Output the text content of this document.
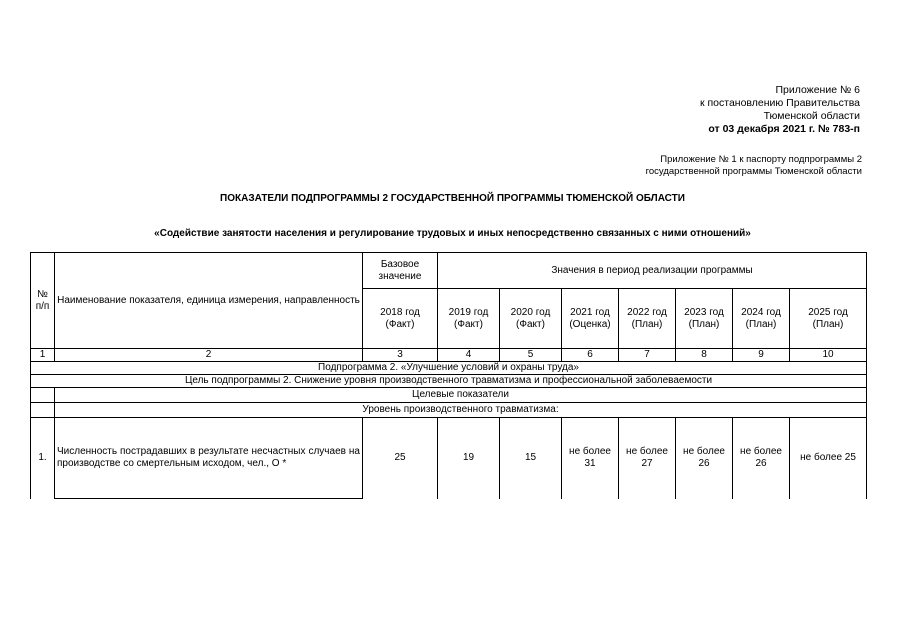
Приложение № 6
к постановлению Правительства
Тюменской области
от 03 декабря 2021 г. № 783-п
Приложение № 1 к паспорту подпрограммы 2
государственной программы Тюменской области
ПОКАЗАТЕЛИ ПОДПРОГРАММЫ 2 ГОСУДАРСТВЕННОЙ ПРОГРАММЫ ТЮМЕНСКОЙ ОБЛАСТИ
«Содействие занятости населения и регулирование трудовых и иных непосредственно связанных с ними отношений»
№ п/п	Наименование показателя, единица измерения, направленность	Базовое значение	Значения в период реализации программы						
		2018 год (Факт)	2019 год (Факт)	2020 год (Факт)	2021 год (Оценка)	2022 год (План)	2023 год (План)	2024 год (План)	2025 год (План)
1	2	3	4	5	6	7	8	9	10
Подпрограмма 2. «Улучшение условий и охраны труда»									
Цель подпрограммы 2. Снижение уровня производственного травматизма и профессиональной заболеваемости									
	Целевые показатели								
	Уровень производственного травматизма:								
1.	Численность пострадавших в результате несчастных случаев на производстве со смертельным исходом, чел., О *	25	19	15	не более 31	не более 27	не более 26	не более 26	не более 25
